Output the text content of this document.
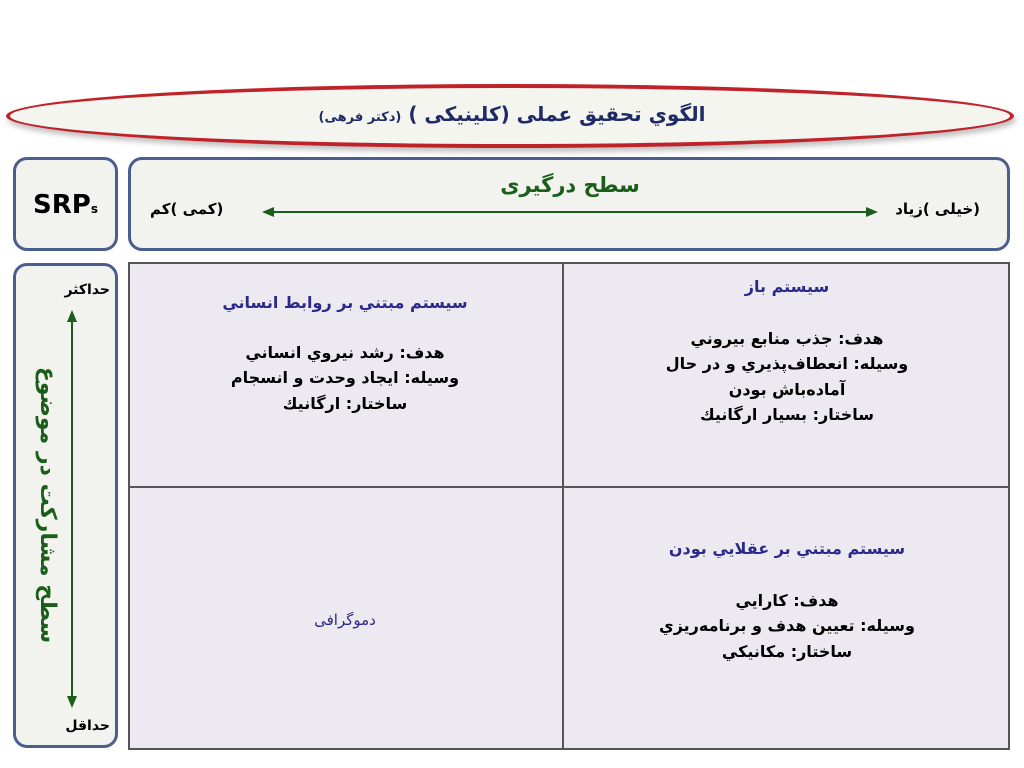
الگوي تحقيق عملی (کلينيکی ) (دکتر فرهی)
SRPs
سطح درگيری
(کمی )کم	(خيلی )زياد
حداکثر
حداقل
سطح مشارکت در موضوع
سيستم باز
هدف: جذب منابع بيروني
وسيله: انعطاف‌پذيري و در حال
آماده‌باش بودن
ساختار: بسيار ارگانيك
سيستم مبتني بر روابط انساني
هدف: رشد نيروي انساني
وسيله: ايجاد وحدت و انسجام
ساختار: ارگانيك
سيستم مبتني بر عقلايي بودن
هدف: كارايي
وسيله: تعيين هدف و برنامه‌ريزي
ساختار: مكانيكي
دموگرافی
